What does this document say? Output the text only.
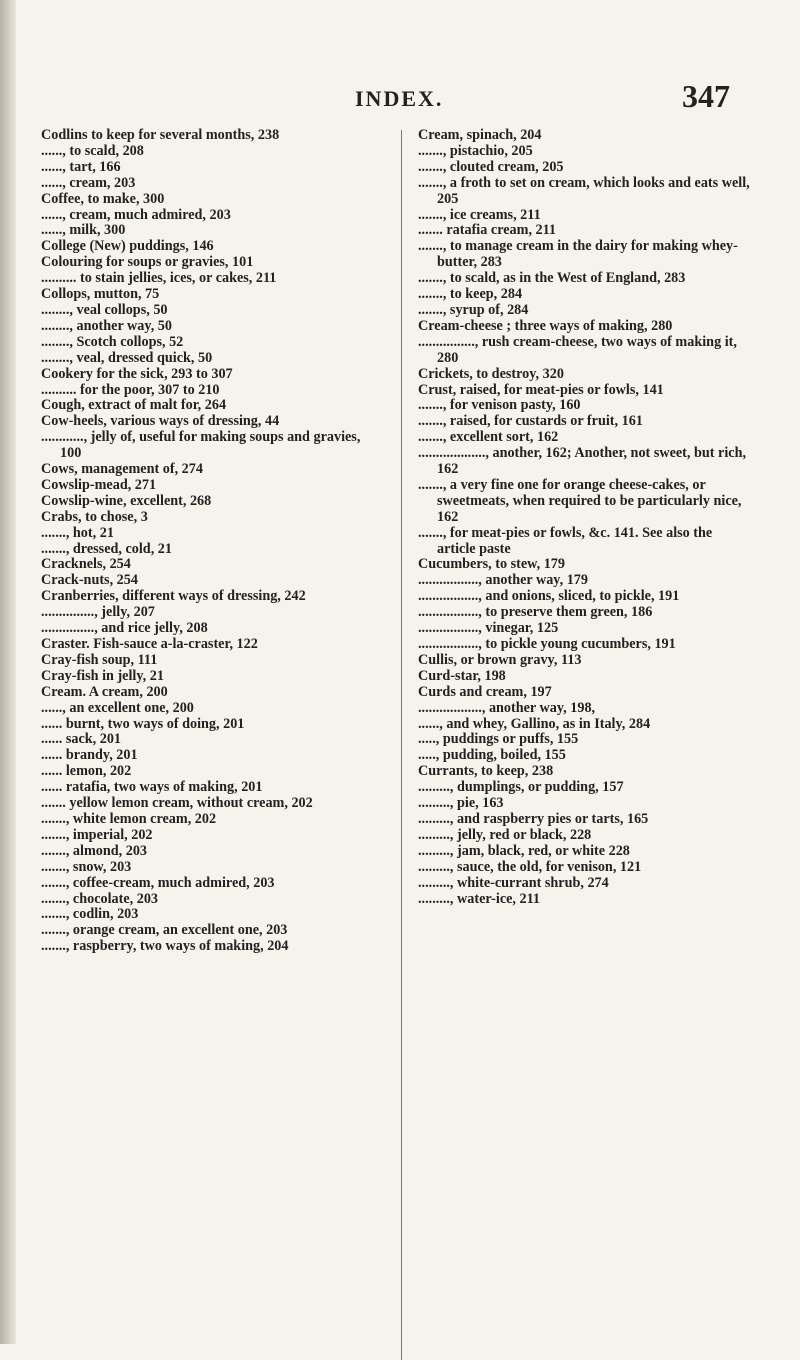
INDEX.	347
Codlins to keep for several months, 238
......, to scald, 208
......, tart, 166
......, cream, 203
Coffee, to make, 300
......, cream, much admired, 203
......, milk, 300
College (New) puddings, 146
Colouring for soups or gravies, 101
.......... to stain jellies, ices, or cakes, 211
Collops, mutton, 75
........, veal collops, 50
........, another way, 50
........, Scotch collops, 52
........, veal, dressed quick, 50
Cookery for the sick, 293 to 307
.......... for the poor, 307 to 210
Cough, extract of malt for, 264
Cow-heels, various ways of dressing, 44
............, jelly of, useful for making soups and gravies, 100
Cows, management of, 274
Cowslip-mead, 271
Cowslip-wine, excellent, 268
Crabs, to chose, 3
......., hot, 21
......., dressed, cold, 21
Cracknels, 254
Crack-nuts, 254
Cranberries, different ways of dressing, 242
..............., jelly, 207
..............., and rice jelly, 208
Craster. Fish-sauce a-la-craster, 122
Cray-fish soup, 111
Cray-fish in jelly, 21
Cream. A cream, 200
......, an excellent one, 200
...... burnt, two ways of doing, 201
...... sack, 201
...... brandy, 201
...... lemon, 202
...... ratafia, two ways of making, 201
....... yellow lemon cream, without cream, 202
......., white lemon cream, 202
......., imperial, 202
......., almond, 203
......., snow, 203
......., coffee-cream, much admired, 203
......., chocolate, 203
......., codlin, 203
......., orange cream, an excellent one, 203
......., raspberry, two ways of making, 204
Cream, spinach, 204
......., pistachio, 205
......., clouted cream, 205
......., a froth to set on cream, which looks and eats well, 205
......., ice creams, 211
....... ratafia cream, 211
......., to manage cream in the dairy for making whey-butter, 283
......., to scald, as in the West of England, 283
......., to keep, 284
......., syrup of, 284
Cream-cheese ; three ways of making, 280
................, rush cream-cheese, two ways of making it, 280
Crickets, to destroy, 320
Crust, raised, for meat-pies or fowls, 141
......., for venison pasty, 160
......., raised, for custards or fruit, 161
......., excellent sort, 162
..................., another, 162; Another, not sweet, but rich, 162
......., a very fine one for orange cheese-cakes, or sweetmeats, when required to be particularly nice, 162
......., for meat-pies or fowls, &c. 141. See also the article paste
Cucumbers, to stew, 179
................., another way, 179
................., and onions, sliced, to pickle, 191
................., to preserve them green, 186
................., vinegar, 125
................., to pickle young cucumbers, 191
Cullis, or brown gravy, 113
Curd-star, 198
Curds and cream, 197
.................., another way, 198,
......, and whey, Gallino, as in Italy, 284
....., puddings or puffs, 155
....., pudding, boiled, 155
Currants, to keep, 238
........., dumplings, or pudding, 157
........., pie, 163
........., and raspberry pies or tarts, 165
........., jelly, red or black, 228
........., jam, black, red, or white 228
........., sauce, the old, for venison, 121
........., white-currant shrub, 274
........., water-ice, 211
